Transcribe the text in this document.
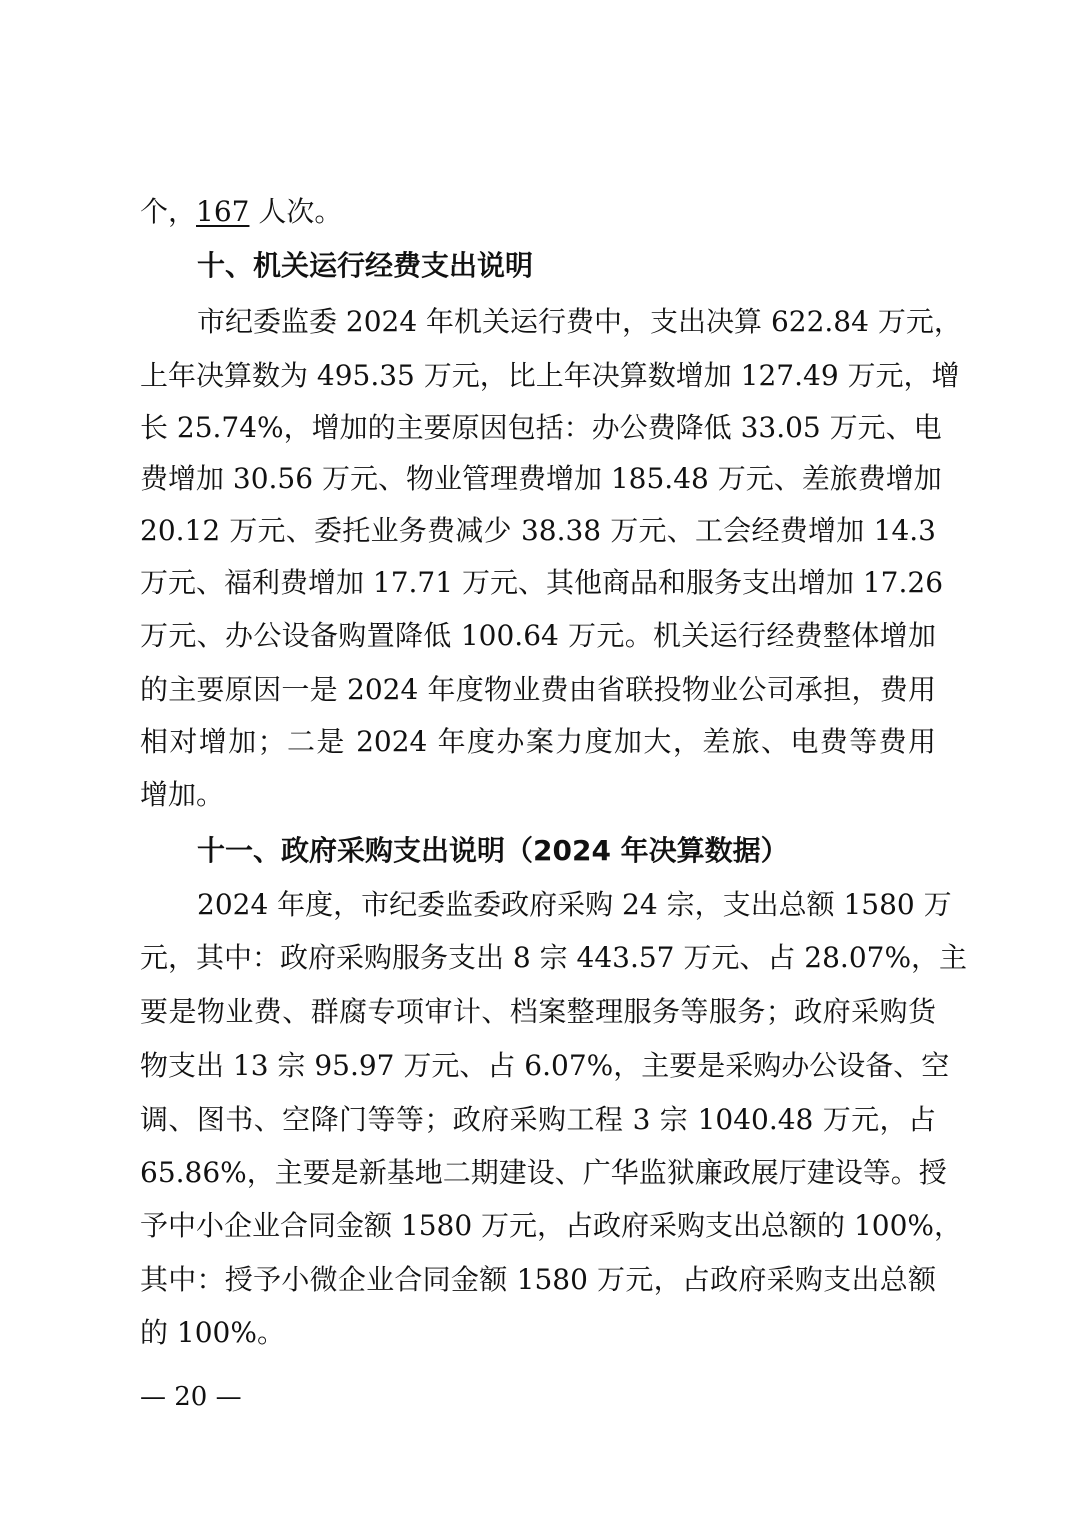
个，167 人次。
十、机关运行经费支出说明
市纪委监委 2024 年机关运行费中，支出决算 622.84 万元，
上年决算数为 495.35 万元，比上年决算数增加 127.49 万元，增
长 25.74%，增加的主要原因包括：办公费降低 33.05 万元、电
费增加 30.56 万元、物业管理费增加 185.48 万元、差旅费增加
20.12 万元、委托业务费减少 38.38 万元、工会经费增加 14.3
万元、福利费增加 17.71 万元、其他商品和服务支出增加 17.26
万元、办公设备购置降低 100.64 万元。机关运行经费整体增加
的主要原因一是 2024 年度物业费由省联投物业公司承担，费用
相对增加；二是 2024 年度办案力度加大，差旅、电费等费用
增加。
十一、政府采购支出说明（2024 年决算数据）
2024 年度，市纪委监委政府采购 24 宗，支出总额 1580 万
元，其中：政府采购服务支出 8 宗 443.57 万元、占 28.07%，主
要是物业费、群腐专项审计、档案整理服务等服务；政府采购货
物支出 13 宗 95.97 万元、占 6.07%，主要是采购办公设备、空
调、图书、空降门等等；政府采购工程 3 宗 1040.48 万元，占
65.86%，主要是新基地二期建设、广华监狱廉政展厅建设等。授
予中小企业合同金额 1580 万元，占政府采购支出总额的 100%，
其中：授予小微企业合同金额 1580 万元，占政府采购支出总额
的 100%。
— 20 —
